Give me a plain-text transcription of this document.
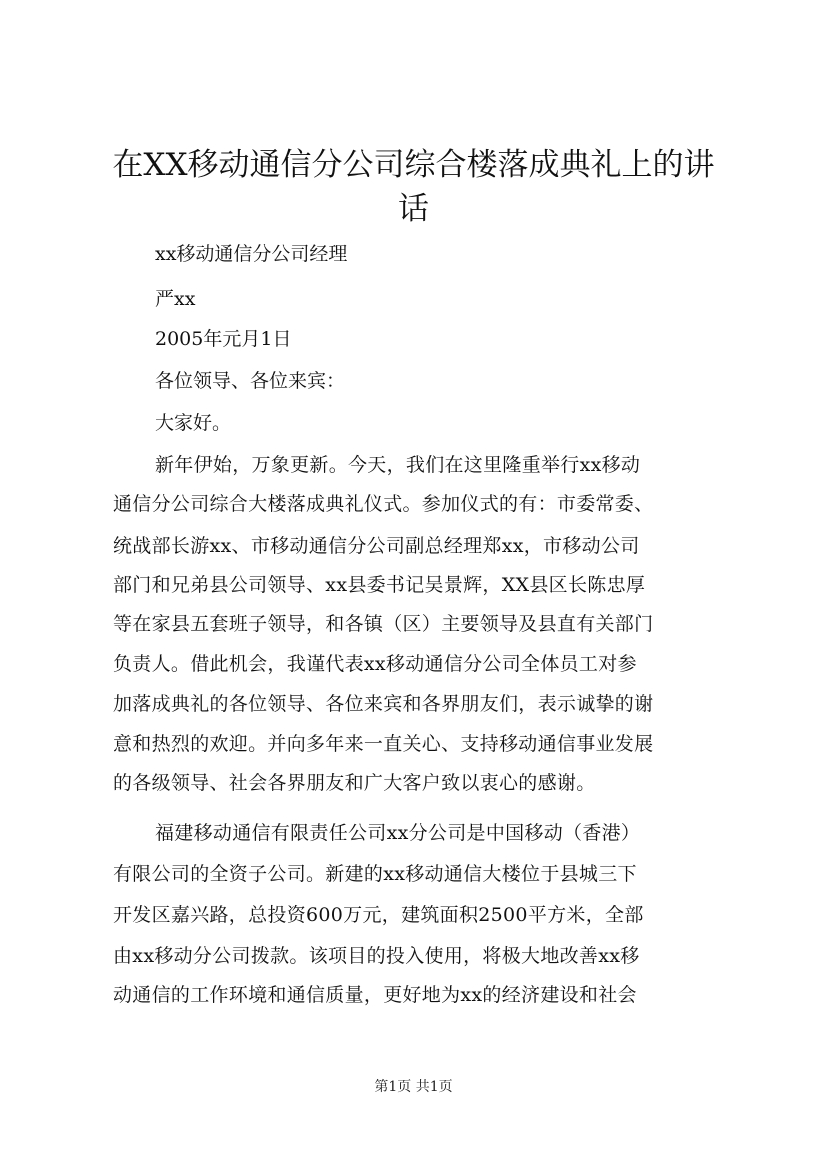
在XX移动通信分公司综合楼落成典礼上的讲话

xx移动通信分公司经理

严xx

2005年元月1日

各位领导、各位来宾：

大家好。

新年伊始，万象更新。今天，我们在这里隆重举行xx移动

通信分公司综合大楼落成典礼仪式。参加仪式的有：市委常委、

统战部长游xx、市移动通信分公司副总经理郑xx，市移动公司

部门和兄弟县公司领导、xx县委书记吴景辉，XX县区长陈忠厚

等在家县五套班子领导，和各镇（区）主要领导及县直有关部门

负责人。借此机会，我谨代表xx移动通信分公司全体员工对参

加落成典礼的各位领导、各位来宾和各界朋友们，表示诚挚的谢

意和热烈的欢迎。并向多年来一直关心、支持移动通信事业发展

的各级领导、社会各界朋友和广大客户致以衷心的感谢。

福建移动通信有限责任公司xx分公司是中国移动（香港）

有限公司的全资子公司。新建的xx移动通信大楼位于县城三下

开发区嘉兴路，总投资600万元，建筑面积2500平方米，全部

由xx移动分公司拨款。该项目的投入使用，将极大地改善xx移

动通信的工作环境和通信质量，更好地为xx的经济建设和社会

第1页 共1页
